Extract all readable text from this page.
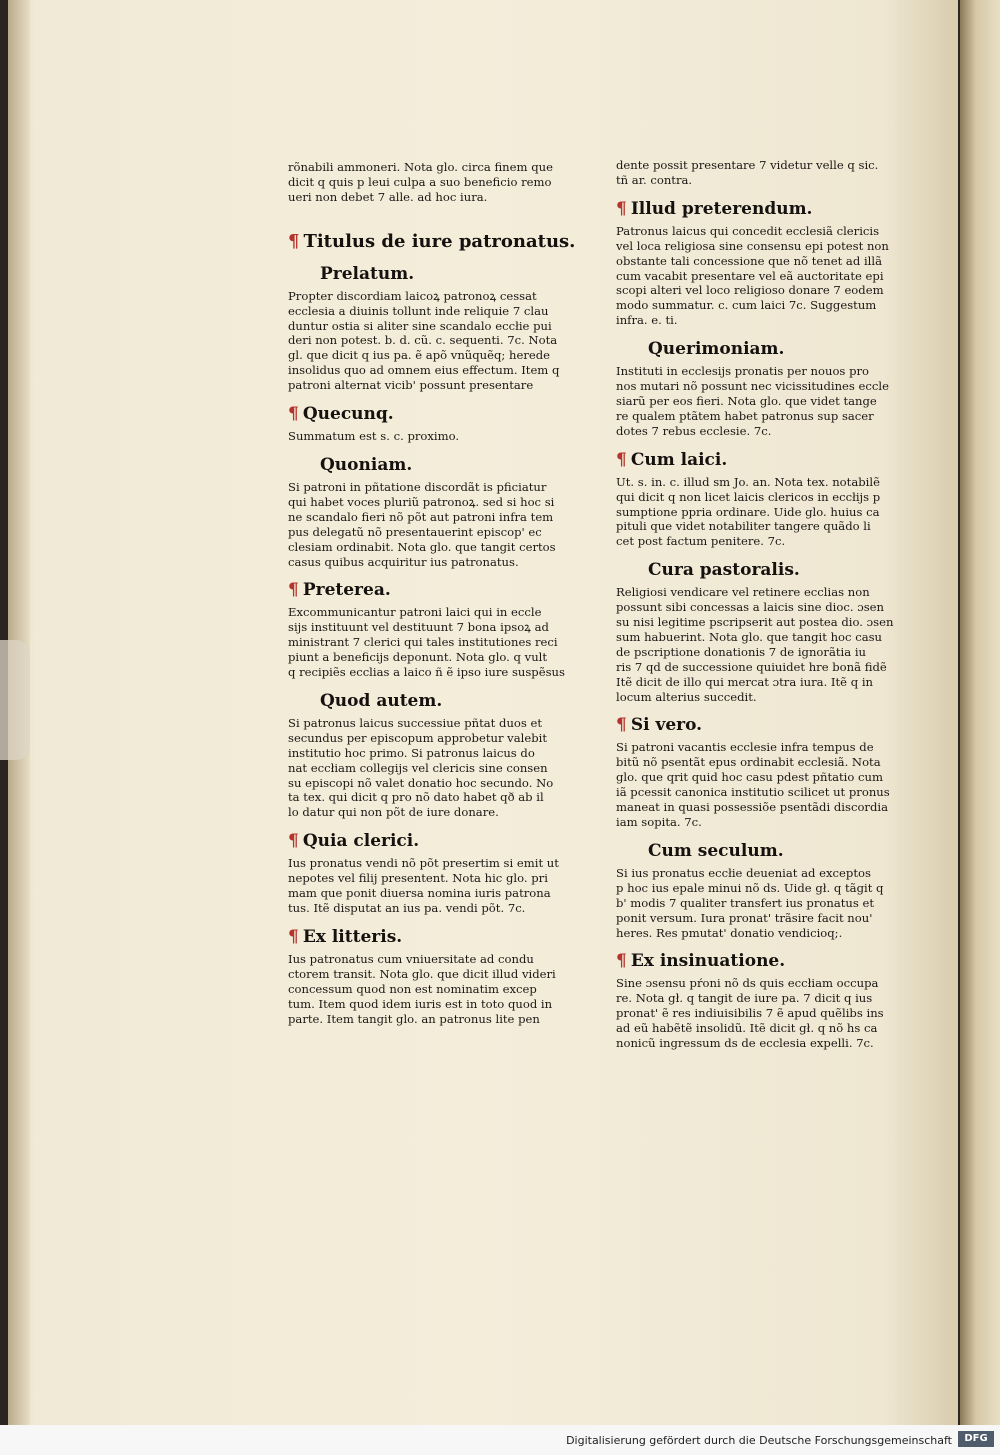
rõnabili ammoneri. Nota glo. circa finem que
dicit q quis p leui culpa a suo beneficio remo
ueri non debet 7 alle. ad hoc iura.
¶ Titulus de iure patronatus.
Prelatum.
Propter discordiam laicoꝝ patronoꝝ cessat
ecclesia a diuinis tollunt inde reliquie 7 clau
duntur ostia si aliter sine scandalo eccłie pui
deri non potest. b. d. cũ. c. sequenti. 7c. Nota
gl. que dicit q ius pa. ẽ apõ vnũquẽq; herede
insolidus quo ad omnem eius effectum. Item q
patroni alternat vicib' possunt presentare
¶ Quecunq.
Summatum est s. c. proximo.
Quoniam.
Si patroni in pñtatione discordãt is pficiatur
qui habet voces pluriũ patronoꝝ. sed si hoc si
ne scandalo fieri nõ põt aut patroni infra tem
pus delegatũ nõ presentauerint episcop' ec
clesiam ordinabit. Nota glo. que tangit certos
casus quibus acquiritur ius patronatus.
¶ Preterea.
Excommunicantur patroni laici qui in eccle
sijs instituunt vel destituunt 7 bona ipsoꝝ ad
ministrant 7 clerici qui tales institutiones reci
piunt a beneficijs deponunt. Nota glo. q vult
q recipiẽs ecclias a laico ñ ẽ ipso iure suspẽsus
Quod autem.
Si patronus laicus successiue pñtat duos et
secundus per episcopum approbetur valebit
institutio hoc primo. Si patronus laicus do
nat eccłiam collegijs vel clericis sine consen
su episcopi nõ valet donatio hoc secundo. No
ta tex. qui dicit q pro nõ dato habet qð ab il
lo datur qui non põt de iure donare.
¶ Quia clerici.
Ius pronatus vendi nõ põt presertim si emit ut
nepotes vel filij presentent. Nota hic glo. pri
mam que ponit diuersa nomina iuris patrona
tus. Itẽ disputat an ius pa. vendi põt. 7c.
¶ Ex litteris.
Ius patronatus cum vniuersitate ad condu
ctorem transit. Nota glo. que dicit illud videri
concessum quod non est nominatim excep
tum. Item quod idem iuris est in toto quod in
parte. Item tangit glo. an patronus lite pen
dente possit presentare 7 videtur velle q sic.
tñ ar. contra.
¶ Illud preterendum.
Patronus laicus qui concedit ecclesiã clericis
vel loca religiosa sine consensu epi potest non
obstante tali concessione que nõ tenet ad illã
cum vacabit presentare vel eã auctoritate epi
scopi alteri vel loco religioso donare 7 eodem
modo summatur. c. cum laici 7c. Suggestum
infra. e. ti.
Querimoniam.
Instituti in ecclesijs pronatis per nouos pro
nos mutari nõ possunt nec vicissitudines eccle
siarũ per eos fieri. Nota glo. que videt tange
re qualem ptãtem habet patronus sup sacer
dotes 7 rebus ecclesie. 7c.
¶ Cum laici.
Ut. s. in. c. illud sm Jo. an. Nota tex. notabilẽ
qui dicit q non licet laicis clericos in eccłijs p
sumptione ppria ordinare. Uide glo. huius ca
pituli que videt notabiliter tangere quãdo li
cet post factum penitere. 7c.
Cura pastoralis.
Religiosi vendicare vel retinere ecclias non
possunt sibi concessas a laicis sine dioc. ɔsen
su nisi legitime pscripserit aut postea dio. ɔsen
sum habuerint. Nota glo. que tangit hoc casu
de pscriptione donationis 7 de ignorãtia iu
ris 7 qd de successione quiuidet hre bonã fidẽ
Itẽ dicit de illo qui mercat ɔtra iura. Itẽ q in
locum alterius succedit.
¶ Si vero.
Si patroni vacantis ecclesie infra tempus de
bitũ nõ psentãt epus ordinabit ecclesiã. Nota
glo. que qrit quid hoc casu pdest pñtatio cum
iã pcessit canonica institutio scilicet ut pronus
maneat in quasi possessiõe psentãdi discordia
iam sopita. 7c.
Cum seculum.
Si ius pronatus eccłie deueniat ad exceptos
p hoc ius epale minui nõ ds. Uide gł. q tãgit q
b' modis 7 qualiter transfert ius pronatus et
ponit versum. Iura pronat' trãsire facit nou'
heres. Res pmutat' donatio vendicioq;.
¶ Ex insinuatione.
Sine ɔsensu pŕoni nõ ds quis eccłiam occupa
re. Nota gł. q tangit de iure pa. 7 dicit q ius
pronat' ẽ res indiuisibilis 7 ẽ apud quẽlibs ins
ad eũ habẽtẽ insolidũ. Itẽ dicit gł. q nõ hs ca
nonicũ ingressum ds de ecclesia expelli. 7c.
Digitalisierung gefördert durch die Deutsche Forschungsgemeinschaft	DFG
